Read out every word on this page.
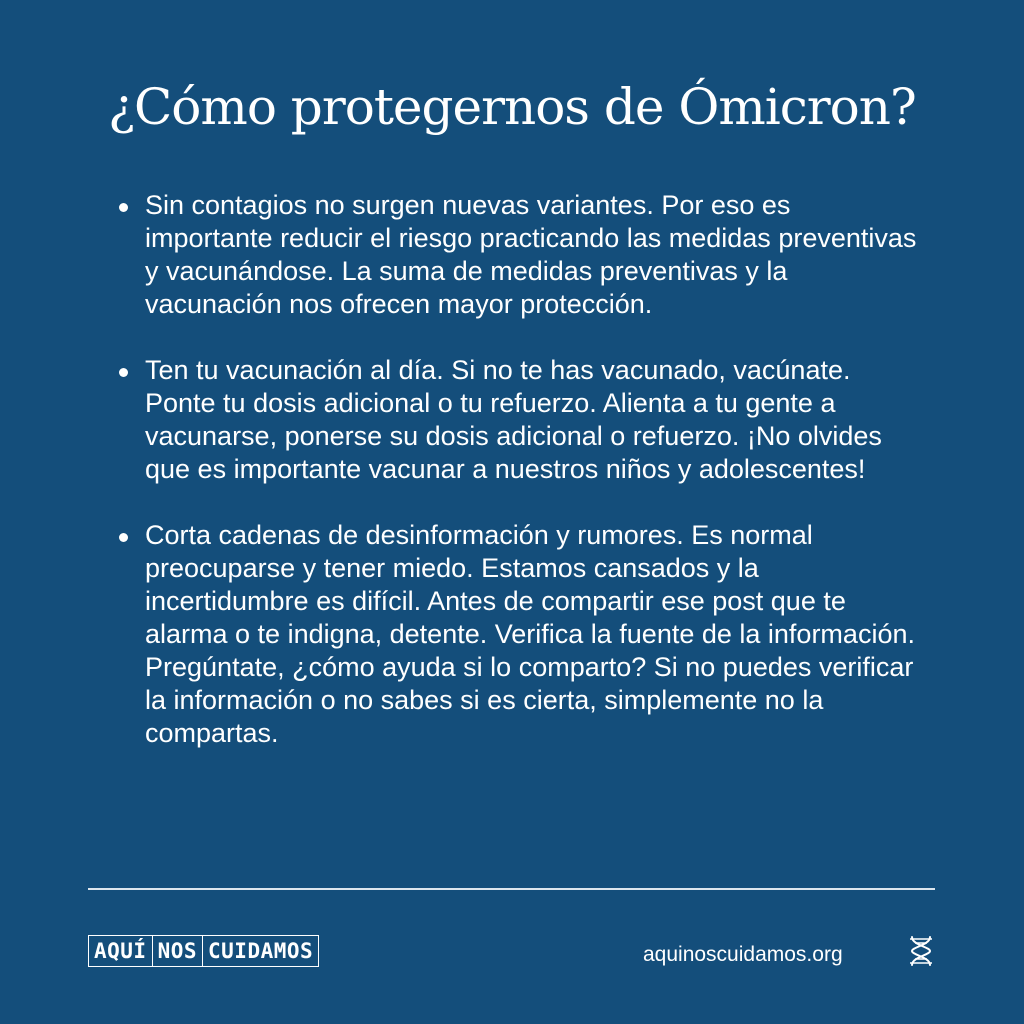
¿Cómo protegernos de Ómicron?
Sin contagios no surgen nuevas variantes. Por eso es importante reducir el riesgo practicando las medidas preventivas y vacunándose. La suma de medidas preventivas y la vacunación nos ofrecen mayor protección.
Ten tu vacunación al día. Si no te has vacunado, vacúnate. Ponte tu dosis adicional o tu refuerzo. Alienta a tu gente a vacunarse, ponerse su dosis adicional o refuerzo. ¡No olvides que es importante vacunar a nuestros niños y adolescentes!
Corta cadenas de desinformación y rumores. Es normal preocuparse y tener miedo. Estamos cansados y la incertidumbre es difícil. Antes de compartir ese post que te alarma o te indigna, detente. Verifica la fuente de la información. Pregúntate, ¿cómo ayuda si lo comparto? Si no puedes verificar la información o no sabes si es cierta, simplemente no la compartas.
AQUÍ NOS CUIDAMOS	aquinoscuidamos.org
